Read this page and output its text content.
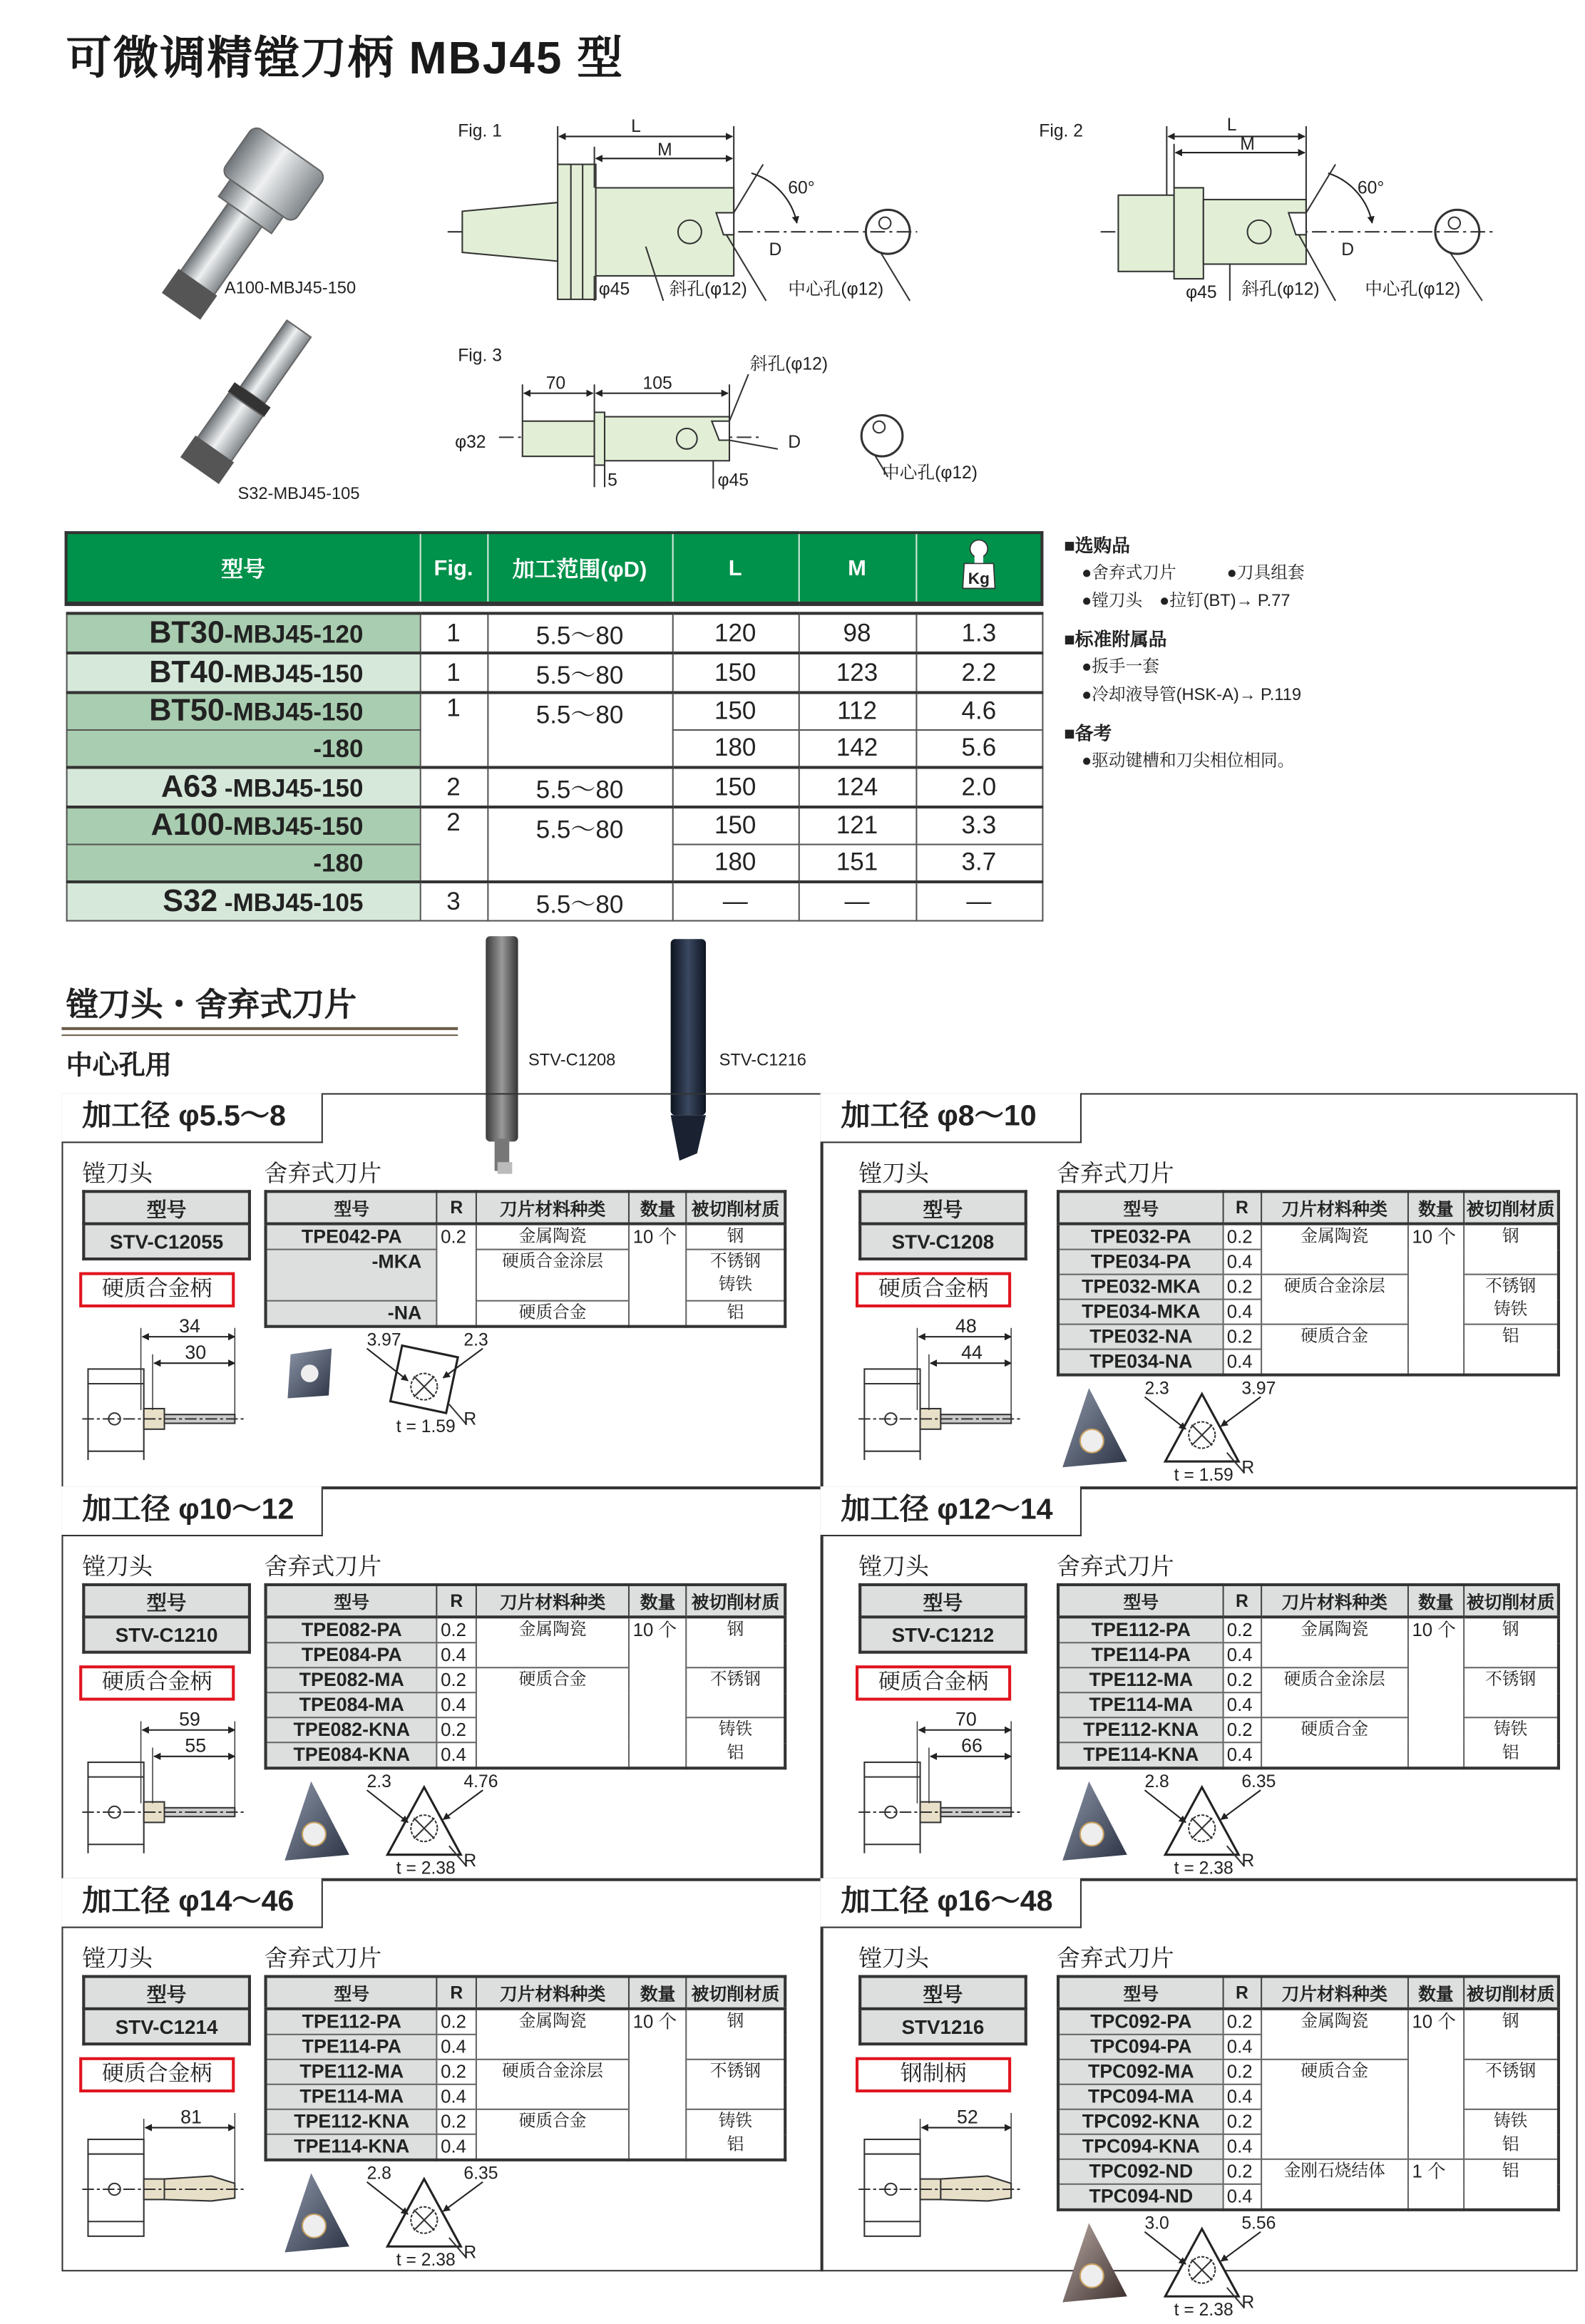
可微调精镗刀柄 MBJ45 型
A100-MBJ45-150
S32-MBJ45-105
Fig. 1	L
M
60°
D
φ45	斜孔(φ12)	中心孔(φ12)
Fig. 2	L
M
60°
D
φ45	斜孔(φ12)	中心孔(φ12)
Fig. 3
70	105
φ32
5	φ45
斜孔(φ12)
D
中心孔(φ12)
型号	Fig.	加工范围(φD)	L	M	Kg

BT30-MBJ45-120	1	5.5～80	120	98	1.3
BT40-MBJ45-150	1	5.5～80	150	123	2.2
BT50-MBJ45-150	1	5.5～80	150	112	4.6
-180			180	142	5.6
A63 -MBJ45-150	2	5.5～80	150	124	2.0
A100-MBJ45-150	2	5.5～80	150	121	3.3
-180			180	151	3.7
S32 -MBJ45-105	3	5.5～80	—	—	—
■选购品
●舍弃式刀片　　　●刀具组套
●镗刀头　●拉钉(BT)→ P.77
■标准附属品
●扳手一套
●冷却液导管(HSK-A)→ P.119
■备考
●驱动键槽和刀尖相位相同。
镗刀头・舍弃式刀片
中心孔用	STV-C1208	STV-C1216
加工径 φ5.5～8
镗刀头
型号
STV-C12055
硬质合金柄
34
30
舍弃式刀片
型号	R	刀片材料种类	数量	被切削材质
TPE042-PA	0.2	金属陶瓷	10 个	钢
-MKA		硬质合金涂层		不锈钢
铸铁
-NA		硬质合金		铝
3.97	2.3
R
t = 1.59
加工径 φ8～10
镗刀头
型号
STV-C1208
硬质合金柄
48
44
舍弃式刀片
型号	R	刀片材料种类	数量	被切削材质
TPE032-PA	0.2	金属陶瓷	10 个	钢
TPE034-PA	0.4			
TPE032-MKA	0.2	硬质合金涂层		不锈钢
铸铁
TPE034-MKA	0.4			
TPE032-NA	0.2	硬质合金		铝
TPE034-NA	0.4			
2.3	3.97
R
t = 1.59
加工径 φ10～12
镗刀头
型号
STV-C1210
硬质合金柄
59
55
舍弃式刀片
型号	R	刀片材料种类	数量	被切削材质
TPE082-PA	0.2	金属陶瓷	10 个	钢
TPE084-PA	0.4			
TPE082-MA	0.2	硬质合金		不锈钢
TPE084-MA	0.4			
TPE082-KNA	0.2			铸铁
铝
TPE084-KNA	0.4			
2.3	4.76
R
t = 2.38
加工径 φ12～14
镗刀头
型号
STV-C1212
硬质合金柄
70
66
舍弃式刀片
型号	R	刀片材料种类	数量	被切削材质
TPE112-PA	0.2	金属陶瓷	10 个	钢
TPE114-PA	0.4			
TPE112-MA	0.2	硬质合金涂层		不锈钢
TPE114-MA	0.4			
TPE112-KNA	0.2	硬质合金		铸铁
铝
TPE114-KNA	0.4			
2.8	6.35
R
t = 2.38
加工径 φ14～46
镗刀头
型号
STV-C1214
硬质合金柄
81
舍弃式刀片
型号	R	刀片材料种类	数量	被切削材质
TPE112-PA	0.2	金属陶瓷	10 个	钢
TPE114-PA	0.4			
TPE112-MA	0.2	硬质合金涂层		不锈钢
TPE114-MA	0.4			
TPE112-KNA	0.2	硬质合金		铸铁
铝
TPE114-KNA	0.4			
2.8	6.35
R
t = 2.38
加工径 φ16～48
镗刀头
型号
STV1216
钢制柄
52
舍弃式刀片
型号	R	刀片材料种类	数量	被切削材质
TPC092-PA	0.2	金属陶瓷	10 个	钢
TPC094-PA	0.4			
TPC092-MA	0.2	硬质合金		不锈钢
TPC094-MA	0.4			
TPC092-KNA	0.2			铸铁
铝
TPC094-KNA	0.4			
TPC092-ND	0.2	金刚石烧结体	1 个	铝
TPC094-ND	0.4			
3.0	5.56
R
t = 2.38
